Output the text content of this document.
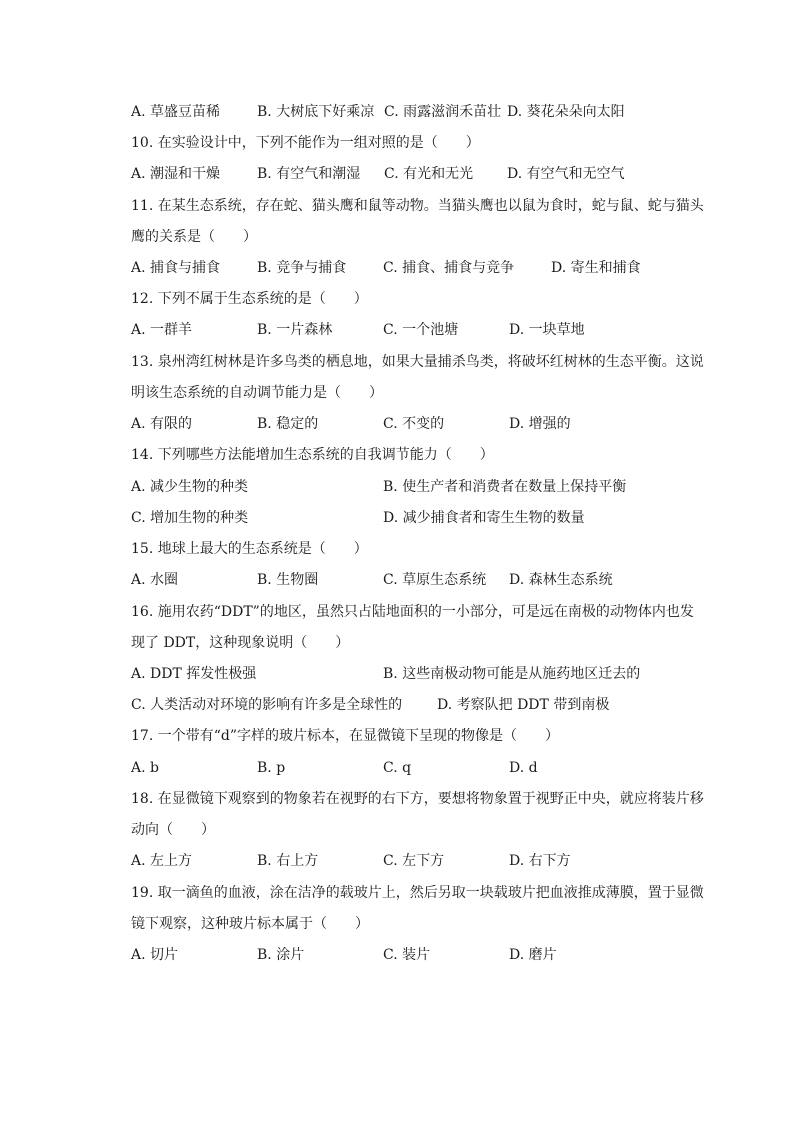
A. 草盛豆苗稀	B. 大树底下好乘凉 C. 雨露滋润禾苗壮 D. 葵花朵朵向太阳
10. 在实验设计中，下列不能作为一组对照的是（　　）
A. 潮湿和干燥	B. 有空气和潮湿 C. 有光和无光 D. 有空气和无空气
11. 在某生态系统，存在蛇、猫头鹰和鼠等动物。当猫头鹰也以鼠为食时，蛇与鼠、蛇与猫头
鹰的关系是（　　）
A. 捕食与捕食	B. 竞争与捕食	C. 捕食、捕食与竞争	D. 寄生和捕食
12. 下列不属于生态系统的是（　　）
A. 一群羊	B. 一片森林	C. 一个池塘	D. 一块草地
13. 泉州湾红树林是许多鸟类的栖息地，如果大量捕杀鸟类，将破坏红树林的生态平衡。这说
明该生态系统的自动调节能力是（　　）
A. 有限的	B. 稳定的	C. 不变的	D. 增强的
14. 下列哪些方法能增加生态系统的自我调节能力（　　）
A. 减少生物的种类	B. 使生产者和消费者在数量上保持平衡
C. 增加生物的种类	D. 减少捕食者和寄生生物的数量
15. 地球上最大的生态系统是（　　）
A. 水圈	B. 生物圈	C. 草原生态系统 D. 森林生态系统
16. 施用农药“DDT”的地区，虽然只占陆地面积的一小部分，可是远在南极的动物体内也发
现了 DDT，这种现象说明（　　）
A. DDT 挥发性极强	B. 这些南极动物可能是从施药地区迁去的
C. 人类活动对环境的影响有许多是全球性的 D. 考察队把 DDT 带到南极
17. 一个带有“d”字样的玻片标本，在显微镜下呈现的物像是（　　）
A. b	B. p	C. q	D. d
18. 在显微镜下观察到的物象若在视野的右下方，要想将物象置于视野正中央，就应将装片移
动向（　　）
A. 左上方	B. 右上方	C. 左下方	D. 右下方
19. 取一滴鱼的血液，涂在洁净的载玻片上，然后另取一块载玻片把血液推成薄膜，置于显微
镜下观察，这种玻片标本属于（　　）
A. 切片	B. 涂片	C. 装片	D. 磨片
